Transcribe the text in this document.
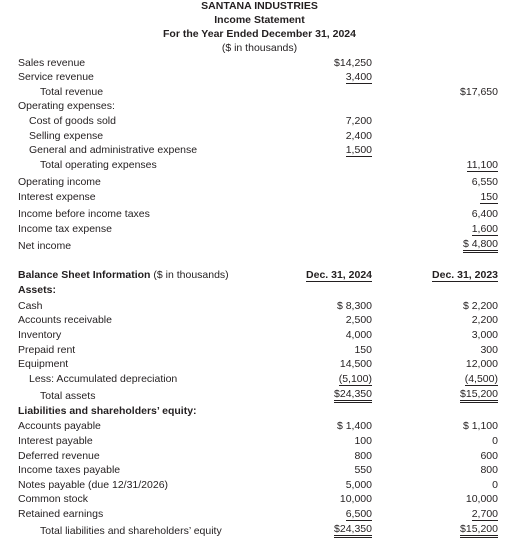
SANTANA INDUSTRIES
Income Statement
For the Year Ended December 31, 2024
($ in thousands)
Sales revenue	$14,250
Service revenue	3,400
Total revenue	$17,650
Operating expenses:
Cost of goods sold	7,200
Selling expense	2,400
General and administrative expense	1,500
Total operating expenses	11,100
Operating income	6,550
Interest expense	150
Income before income taxes	6,400
Income tax expense	1,600
Net income	$ 4,800
Balance Sheet Information ($ in thousands)	Dec. 31, 2024	Dec. 31, 2023
Assets:
Cash	$ 8,300	$ 2,200
Accounts receivable	2,500	2,200
Inventory	4,000	3,000
Prepaid rent	150	300
Equipment	14,500	12,000
Less: Accumulated depreciation	(5,100)	(4,500)
Total assets	$24,350	$15,200
Liabilities and shareholders’ equity:
Accounts payable	$ 1,400	$ 1,100
Interest payable	100	0
Deferred revenue	800	600
Income taxes payable	550	800
Notes payable (due 12/31/2026)	5,000	0
Common stock	10,000	10,000
Retained earnings	6,500	2,700
Total liabilities and shareholders’ equity	$24,350	$15,200
